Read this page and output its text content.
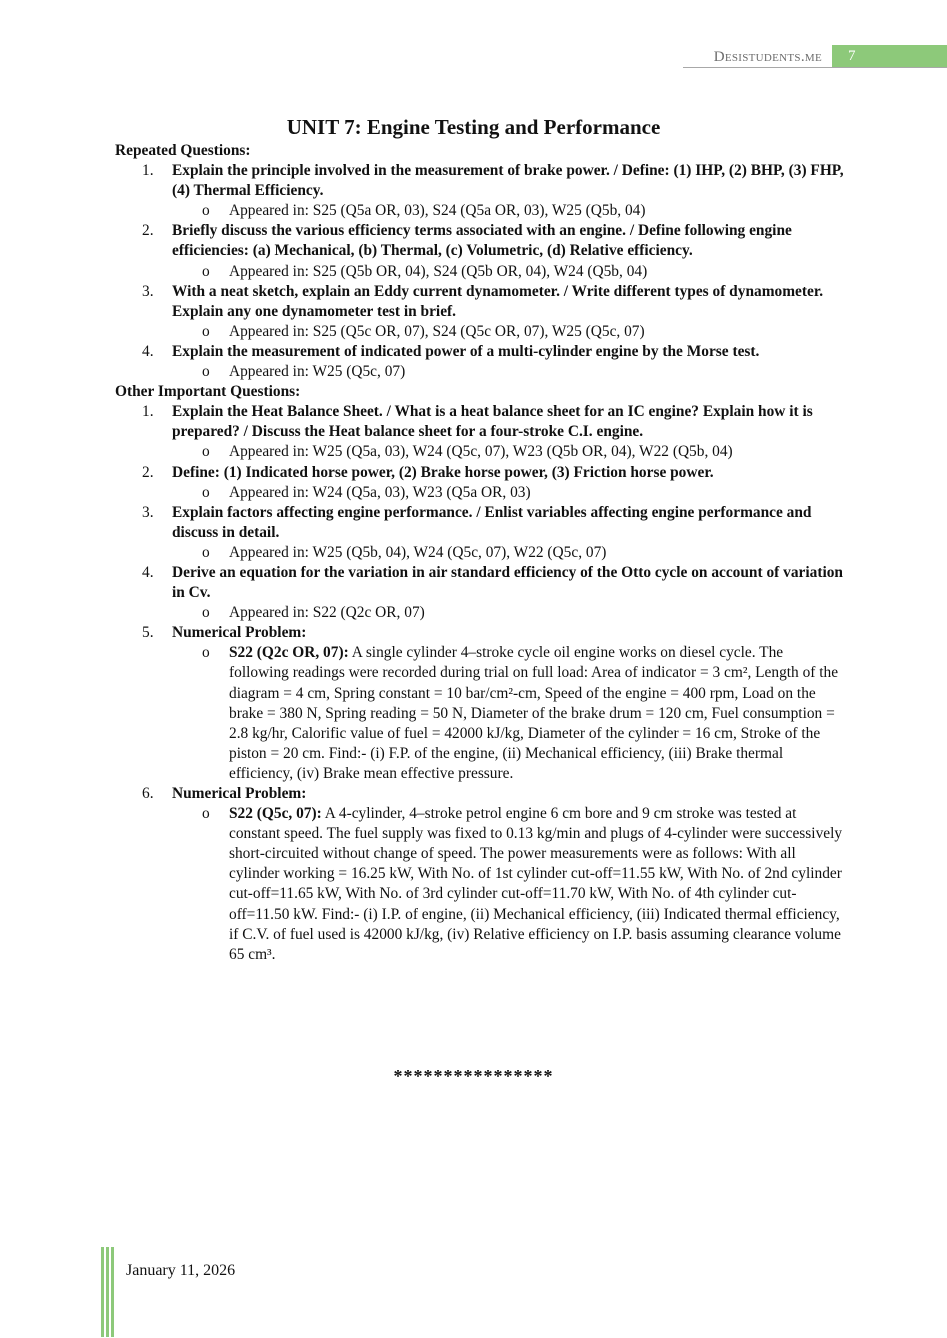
Desistudents.me	7
UNIT 7: Engine Testing and Performance
Repeated Questions:
1.	Explain the principle involved in the measurement of brake power. / Define: (1) IHP, (2) BHP, (3) FHP, (4) Thermal Efficiency.
o	Appeared in: S25 (Q5a OR, 03), S24 (Q5a OR, 03), W25 (Q5b, 04)
2.	Briefly discuss the various efficiency terms associated with an engine. / Define following engine efficiencies: (a) Mechanical, (b) Thermal, (c) Volumetric, (d) Relative efficiency.
o	Appeared in: S25 (Q5b OR, 04), S24 (Q5b OR, 04), W24 (Q5b, 04)
3.	With a neat sketch, explain an Eddy current dynamometer. / Write different types of dynamometer. Explain any one dynamometer test in brief.
o	Appeared in: S25 (Q5c OR, 07), S24 (Q5c OR, 07), W25 (Q5c, 07)
4.	Explain the measurement of indicated power of a multi-cylinder engine by the Morse test.
o	Appeared in: W25 (Q5c, 07)
Other Important Questions:
1.	Explain the Heat Balance Sheet. / What is a heat balance sheet for an IC engine? Explain how it is prepared? / Discuss the Heat balance sheet for a four-stroke C.I. engine.
o	Appeared in: W25 (Q5a, 03), W24 (Q5c, 07), W23 (Q5b OR, 04), W22 (Q5b, 04)
2.	Define: (1) Indicated horse power, (2) Brake horse power, (3) Friction horse power.
o	Appeared in: W24 (Q5a, 03), W23 (Q5a OR, 03)
3.	Explain factors affecting engine performance. / Enlist variables affecting engine performance and discuss in detail.
o	Appeared in: W25 (Q5b, 04), W24 (Q5c, 07), W22 (Q5c, 07)
4.	Derive an equation for the variation in air standard efficiency of the Otto cycle on account of variation in Cv.
o	Appeared in: S22 (Q2c OR, 07)
5.	Numerical Problem:
o	S22 (Q2c OR, 07): A single cylinder 4–stroke cycle oil engine works on diesel cycle. The following readings were recorded during trial on full load: Area of indicator = 3 cm², Length of the diagram = 4 cm, Spring constant = 10 bar/cm²-cm, Speed of the engine = 400 rpm, Load on the brake = 380 N, Spring reading = 50 N, Diameter of the brake drum = 120 cm, Fuel consumption = 2.8 kg/hr, Calorific value of fuel = 42000 kJ/kg, Diameter of the cylinder = 16 cm, Stroke of the piston = 20 cm. Find:- (i) F.P. of the engine, (ii) Mechanical efficiency, (iii) Brake thermal efficiency, (iv) Brake mean effective pressure.
6.	Numerical Problem:
o	S22 (Q5c, 07): A 4-cylinder, 4–stroke petrol engine 6 cm bore and 9 cm stroke was tested at constant speed. The fuel supply was fixed to 0.13 kg/min and plugs of 4-cylinder were successively short-circuited without change of speed. The power measurements were as follows: With all cylinder working = 16.25 kW, With No. of 1st cylinder cut-off=11.55 kW, With No. of 2nd cylinder cut-off=11.65 kW, With No. of 3rd cylinder cut-off=11.70 kW, With No. of 4th cylinder cut-off=11.50 kW. Find:- (i) I.P. of engine, (ii) Mechanical efficiency, (iii) Indicated thermal efficiency, if C.V. of fuel used is 42000 kJ/kg, (iv) Relative efficiency on I.P. basis assuming clearance volume 65 cm³.
****************
January 11, 2026
